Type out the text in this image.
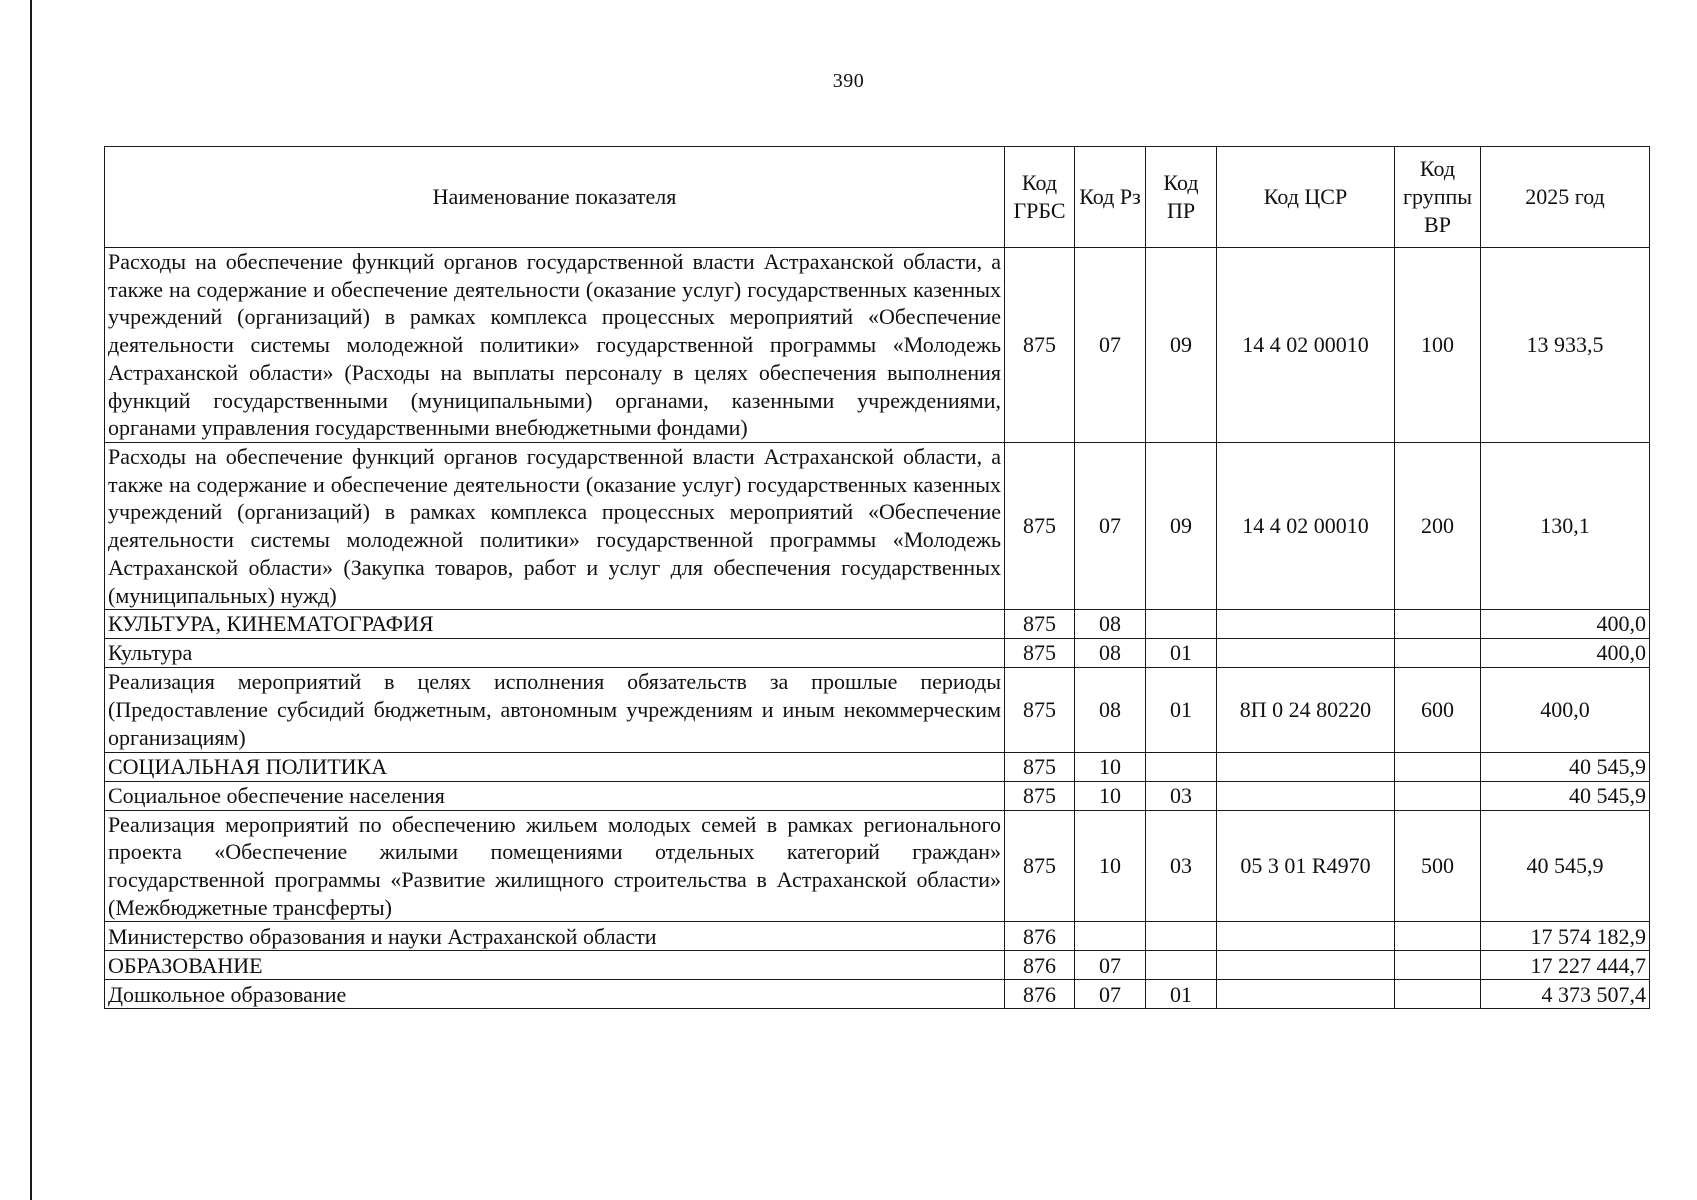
390
Наименование показателя	Код ГРБС	Код Рз	Код ПР	Код ЦСР	Код группы ВР	2025 год
Расходы на обеспечение функций органов государственной власти Астраханской области, а также на содержание и обеспечение деятельности (оказание услуг) государственных казенных учреждений (организаций) в рамках комплекса процессных мероприятий «Обеспечение деятельности системы молодежной политики» государственной программы «Молодежь Астраханской области» (Расходы на выплаты персоналу в целях обеспечения выполнения функций государственными (муниципальными) органами, казенными учреждениями, органами управления государственными внебюджетными фондами)	875	07	09	14 4 02 00010	100	13 933,5
Расходы на обеспечение функций органов государственной власти Астраханской области, а также на содержание и обеспечение деятельности (оказание услуг) государственных казенных учреждений (организаций) в рамках комплекса процессных мероприятий «Обеспечение деятельности системы молодежной политики» государственной программы «Молодежь Астраханской области» (Закупка товаров, работ и услуг для обеспечения государственных (муниципальных) нужд)	875	07	09	14 4 02 00010	200	130,1
КУЛЬТУРА, КИНЕМАТОГРАФИЯ	875	08				400,0
Культура	875	08	01			400,0
Реализация мероприятий в целях исполнения обязательств за прошлые периоды (Предоставление субсидий бюджетным, автономным учреждениям и иным некоммерческим организациям)	875	08	01	8П 0 24 80220	600	400,0
СОЦИАЛЬНАЯ ПОЛИТИКА	875	10				40 545,9
Социальное обеспечение населения	875	10	03			40 545,9
Реализация мероприятий по обеспечению жильем молодых семей в рамках регионального проекта «Обеспечение жилыми помещениями отдельных категорий граждан» государственной программы «Развитие жилищного строительства в Астраханской области» (Межбюджетные трансферты)	875	10	03	05 3 01 R4970	500	40 545,9
Министерство образования и науки Астраханской области	876					17 574 182,9
ОБРАЗОВАНИЕ	876	07				17 227 444,7
Дошкольное образование	876	07	01			4 373 507,4
